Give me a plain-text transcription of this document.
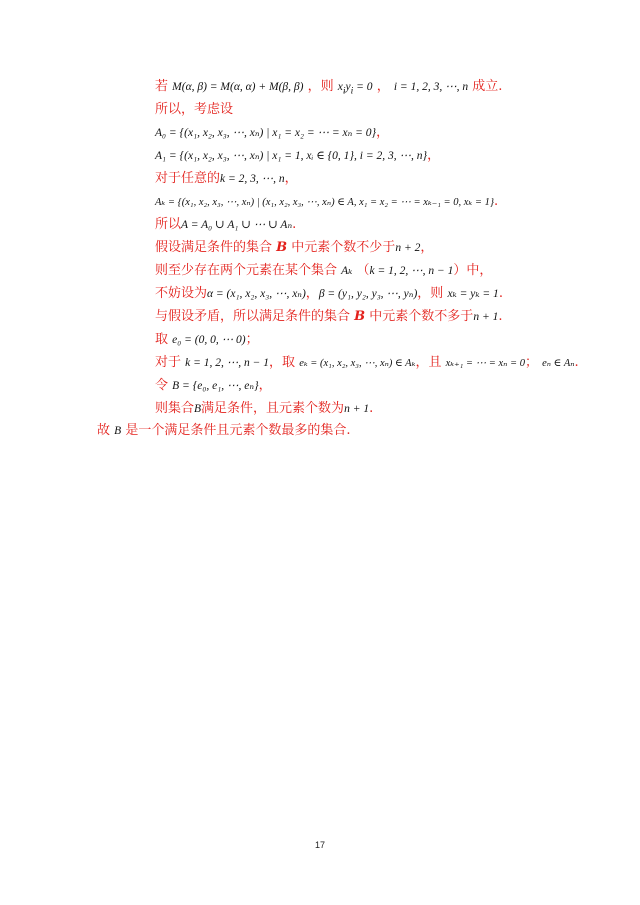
若 M(α, β) = M(α, α) + M(β, β) ，则 $x_iy_i = 0$ ， i = 1, 2, 3, ⋯, n 成立.
所以，考虑设
A₀ = {(x₁, x₂, x₃, ⋯, xₙ) | x₁ = x₂ = ⋯ = xₙ = 0}，
A₁ = {(x₁, x₂, x₃, ⋯, xₙ) | x₁ = 1, xᵢ ∈ {0, 1}, i = 2, 3, ⋯, n}，
对于任意的k = 2, 3, ⋯, n，
Aₖ = {(x₁, x₂, x₃, ⋯, xₙ) | (x₁, x₂, x₃, ⋯, xₙ) ∈ A, x₁ = x₂ = ⋯ = xₖ₋₁ = 0, xₖ = 1}.
所以A = A₀ ∪ A₁ ∪ ⋯ ∪ Aₙ.
假设满足条件的集合 B 中元素个数不少于n + 2，
则至少存在两个元素在某个集合 Aₖ （k = 1, 2, ⋯, n − 1）中，
不妨设为α = (x₁, x₂, x₃, ⋯, xₙ)，β = (y₁, y₂, y₃, ⋯, yₙ)，则 xₖ = yₖ = 1.
与假设矛盾，所以满足条件的集合 B 中元素个数不多于n + 1.
取 e₀ = (0, 0, ⋯ 0)；
对于 k = 1, 2, ⋯, n − 1，取 eₖ = (x₁, x₂, x₃, ⋯, xₙ) ∈ Aₖ，且 xₖ₊₁ = ⋯ = xₙ = 0； eₙ ∈ Aₙ.
令 B = {e₀, e₁, ⋯, eₙ}，
则集合B满足条件，且元素个数为n + 1.
故 B 是一个满足条件且元素个数最多的集合.
17
